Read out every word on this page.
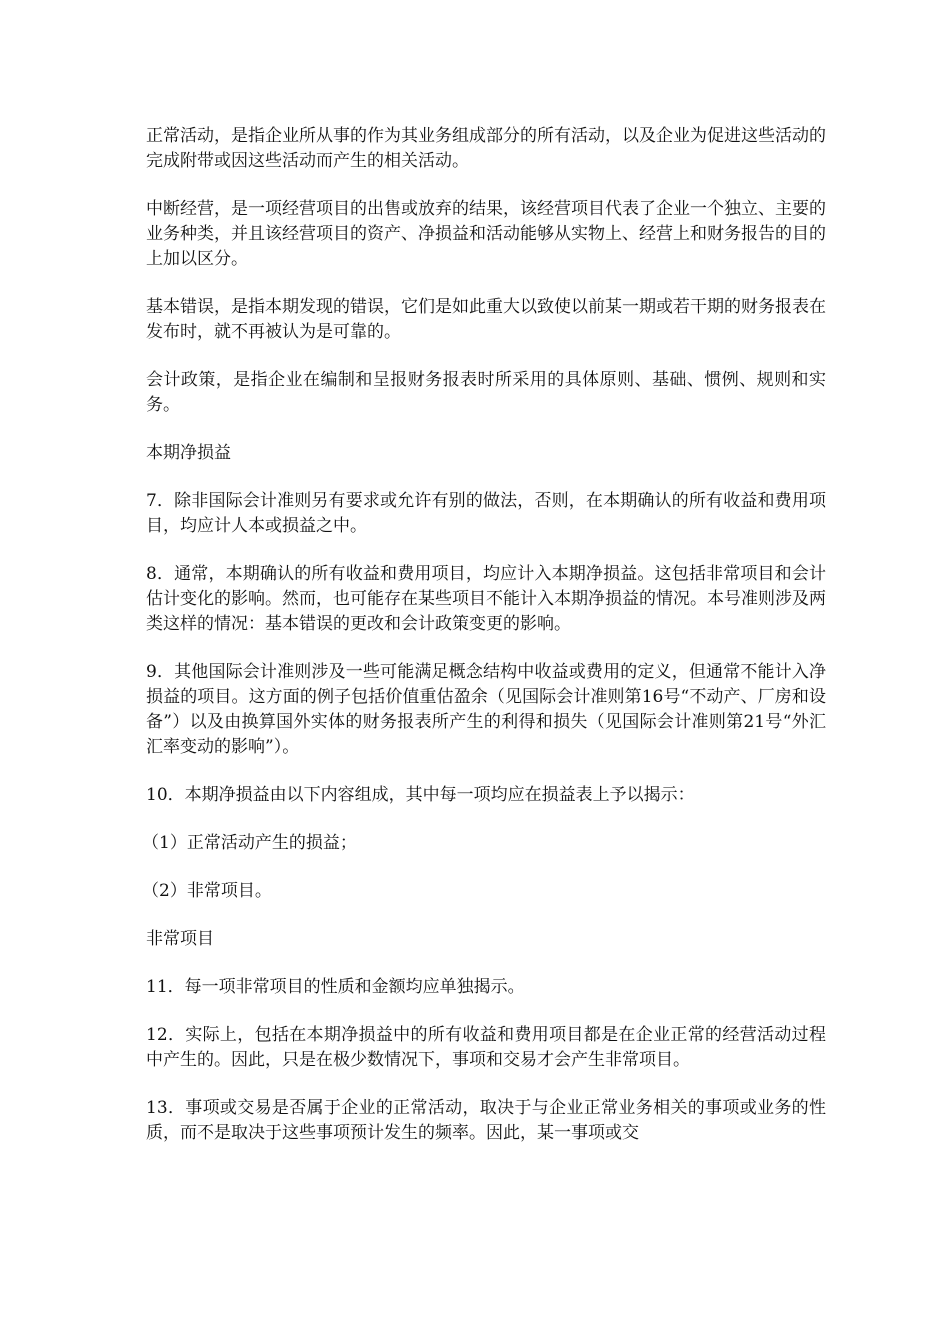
正常活动，是指企业所从事的作为其业务组成部分的所有活动，以及企业为促进这些活动的完成附带或因这些活动而产生的相关活动。

中断经营，是一项经营项目的出售或放弃的结果，该经营项目代表了企业一个独立、主要的业务种类，并且该经营项目的资产、净损益和活动能够从实物上、经营上和财务报告的目的上加以区分。

基本错误，是指本期发现的错误，它们是如此重大以致使以前某一期或若干期的财务报表在发布时，就不再被认为是可靠的。

会计政策，是指企业在编制和呈报财务报表时所采用的具体原则、基础、惯例、规则和实务。

本期净损益

7．除非国际会计准则另有要求或允许有别的做法，否则，在本期确认的所有收益和费用项目，均应计人本或损益之中。

8．通常，本期确认的所有收益和费用项目，均应计入本期净损益。这包括非常项目和会计估计变化的影响。然而，也可能存在某些项目不能计入本期净损益的情况。本号准则涉及两类这样的情况：基本错误的更改和会计政策变更的影响。

9．其他国际会计准则涉及一些可能满足概念结构中收益或费用的定义，但通常不能计入净损益的项目。这方面的例子包括价值重估盈余（见国际会计准则第16号“不动产、厂房和设备”）以及由换算国外实体的财务报表所产生的利得和损失（见国际会计准则第21号“外汇汇率变动的影响”）。

10．本期净损益由以下内容组成，其中每一项均应在损益表上予以揭示：

（1）正常活动产生的损益；

（2）非常项目。

非常项目

11．每一项非常项目的性质和金额均应单独揭示。

12．实际上，包括在本期净损益中的所有收益和费用项目都是在企业正常的经营活动过程中产生的。因此，只是在极少数情况下，事项和交易才会产生非常项目。

13．事项或交易是否属于企业的正常活动，取决于与企业正常业务相关的事项或业务的性质，而不是取决于这些事项预计发生的频率。因此，某一事项或交
